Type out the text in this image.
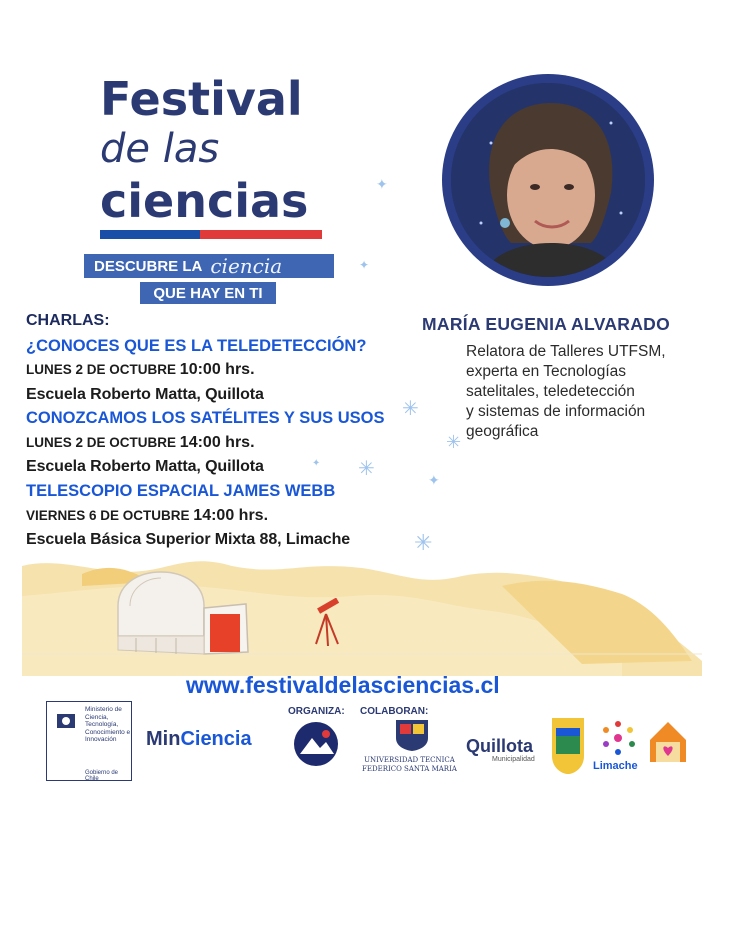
✦
✦
✳
✳
✳	✦
✳
✦
Festival
de las
ciencias
DESCUBRE LA ciencia
QUE HAY EN TI
MARÍA EUGENIA ALVARADO
Relatora de Talleres UTFSM,
experta en Tecnologías
satelitales, teledetección
y sistemas de información
geográfica
CHARLAS:
¿CONOCES QUE ES LA TELEDETECCIÓN?
LUNES 2 DE OCTUBRE 10:00 hrs.
Escuela Roberto Matta, Quillota
CONOZCAMOS LOS SATÉLITES Y SUS USOS
LUNES 2 DE OCTUBRE 14:00 hrs.
Escuela Roberto Matta, Quillota
TELESCOPIO ESPACIAL JAMES WEBB
VIERNES 6 DE OCTUBRE 14:00 hrs.
Escuela Básica Superior Mixta 88, Limache
www.festivaldelasciencias.cl
Ministerio de Ciencia, Tecnología, Conocimiento e Innovación
Gobierno de Chile
MinCiencia
ORGANIZA: COLABORAN:
UNIVERSIDAD TECNICA
FEDERICO SANTA MARIA
Quillota
Municipalidad
Limache
